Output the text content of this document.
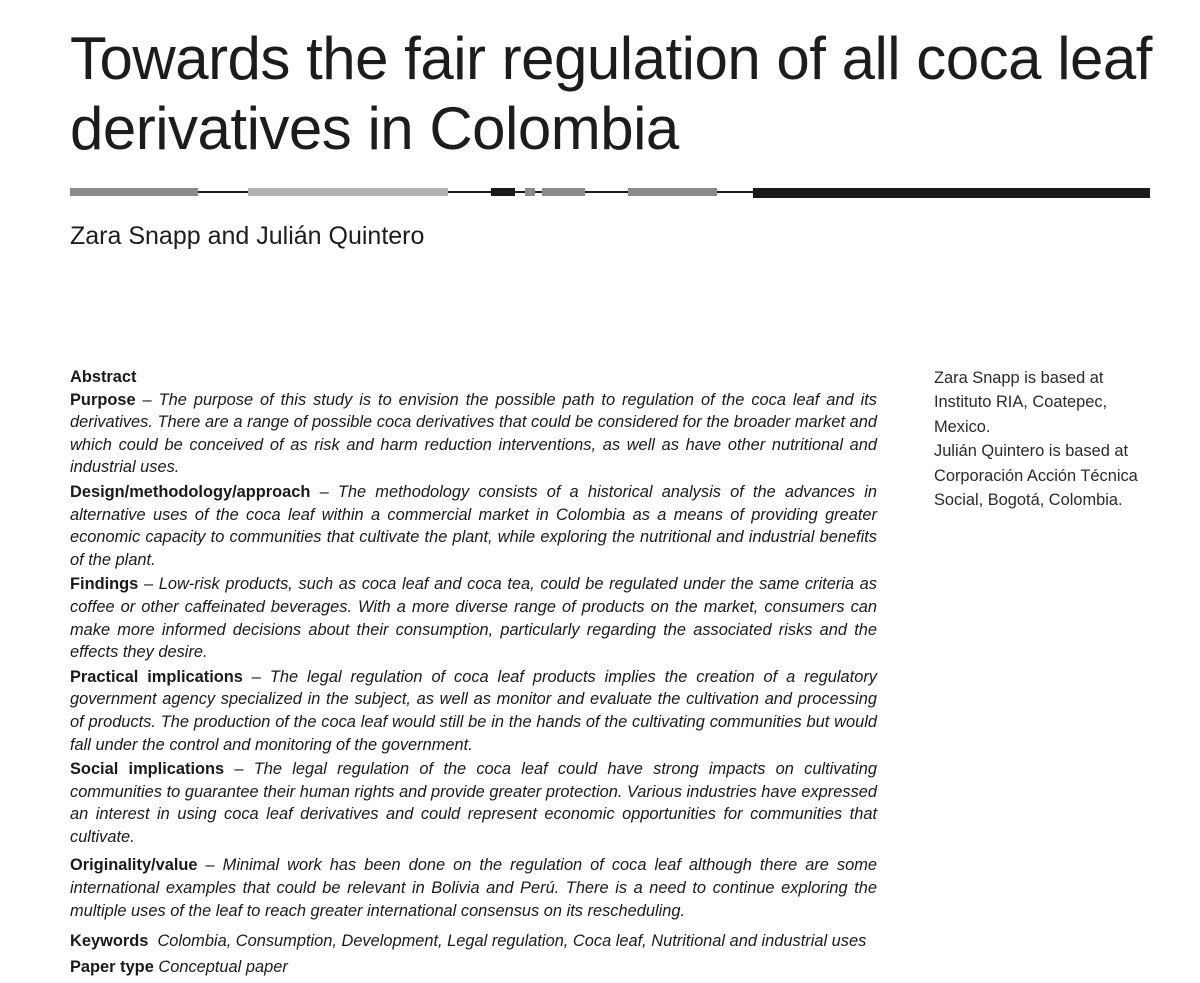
Towards the fair regulation of all coca leaf derivatives in Colombia
Zara Snapp and Julián Quintero

Abstract

Purpose – The purpose of this study is to envision the possible path to regulation of the coca leaf and its derivatives. There are a range of possible coca derivatives that could be considered for the broader market and which could be conceived of as risk and harm reduction interventions, as well as have other nutritional and industrial uses.

Design/methodology/approach – The methodology consists of a historical analysis of the advances in alternative uses of the coca leaf within a commercial market in Colombia as a means of providing greater economic capacity to communities that cultivate the plant, while exploring the nutritional and industrial benefits of the plant.

Findings – Low-risk products, such as coca leaf and coca tea, could be regulated under the same criteria as coffee or other caffeinated beverages. With a more diverse range of products on the market, consumers can make more informed decisions about their consumption, particularly regarding the associated risks and the effects they desire.

Practical implications – The legal regulation of coca leaf products implies the creation of a regulatory government agency specialized in the subject, as well as monitor and evaluate the cultivation and processing of products. The production of the coca leaf would still be in the hands of the cultivating communities but would fall under the control and monitoring of the government.

Social implications – The legal regulation of the coca leaf could have strong impacts on cultivating communities to guarantee their human rights and provide greater protection. Various industries have expressed an interest in using coca leaf derivatives and could represent economic opportunities for communities that cultivate.

Originality/value – Minimal work has been done on the regulation of coca leaf although there are some international examples that could be relevant in Bolivia and Perú. There is a need to continue exploring the multiple uses of the leaf to reach greater international consensus on its rescheduling.

Keywords Colombia, Consumption, Development, Legal regulation, Coca leaf, Nutritional and industrial uses

Paper type Conceptual paper

Zara Snapp is based at Instituto RIA, Coatepec, Mexico.

Julián Quintero is based at Corporación Acción Técnica Social, Bogotá, Colombia.
